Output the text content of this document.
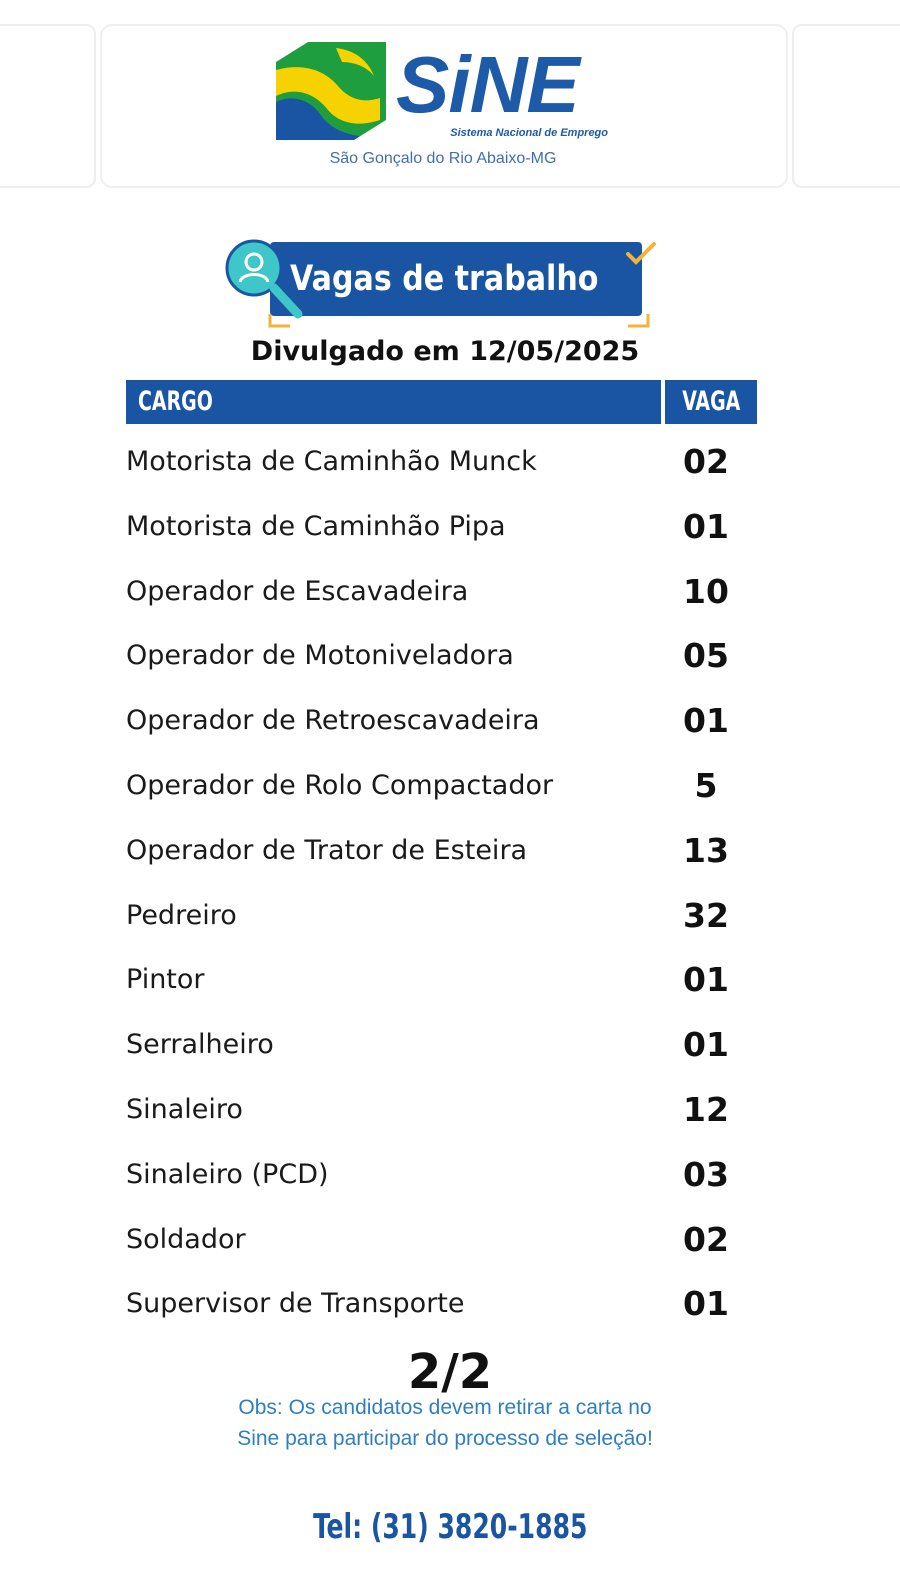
SiNE
Sistema Nacional de Emprego
São Gonçalo do Rio Abaixo-MG
Vagas de trabalho
Divulgado em 12/05/2025
CARGO	VAGA
Motorista de Caminhão Munck	02
Motorista de Caminhão Pipa	01
Operador de Escavadeira	10
Operador de Motoniveladora	05
Operador de Retroescavadeira	01
Operador de Rolo Compactador	5
Operador de Trator de Esteira	13
Pedreiro	32
Pintor	01
Serralheiro	01
Sinaleiro	12
Sinaleiro (PCD)	03
Soldador	02
Supervisor de Transporte	01
2/2
Obs: Os candidatos devem retirar a carta no
Sine para participar do processo de seleção!
Tel: (31) 3820-1885
